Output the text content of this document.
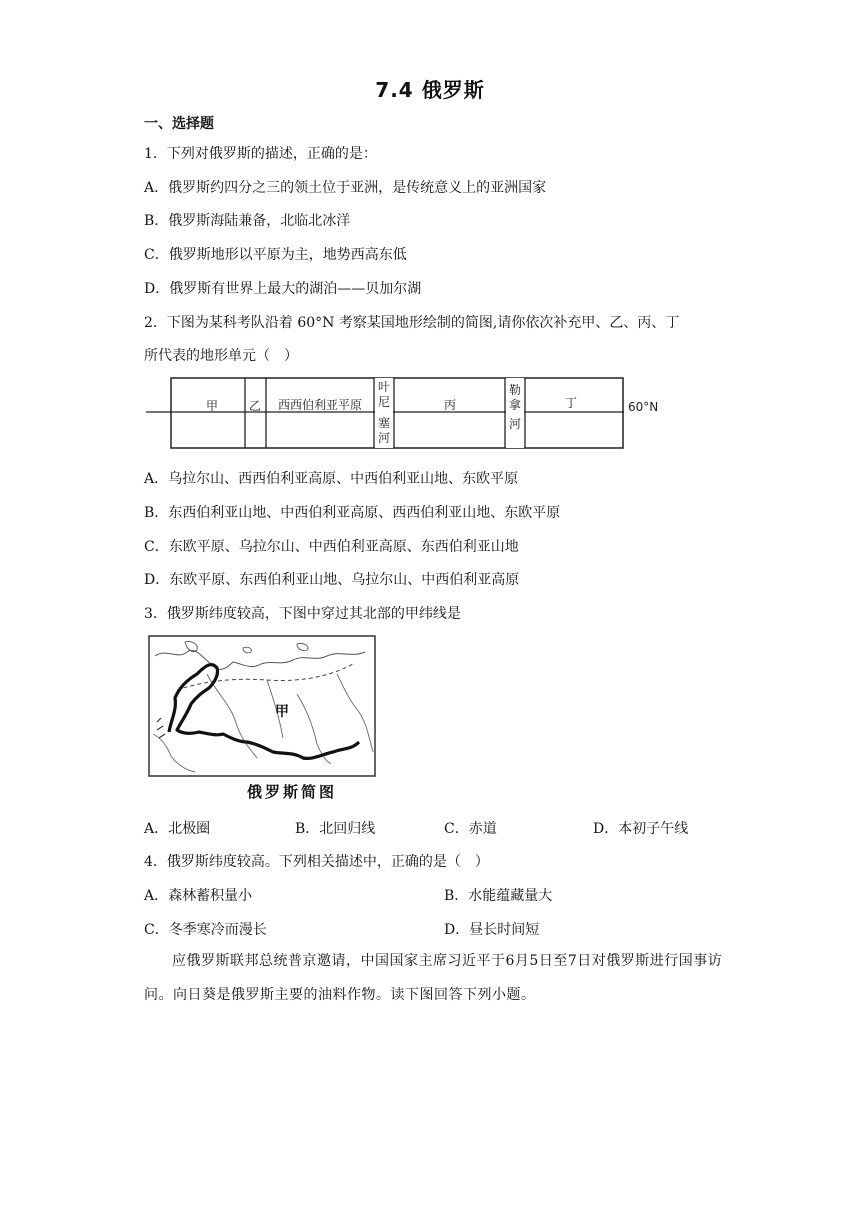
7.4 俄罗斯
一、选择题
1．下列对俄罗斯的描述，正确的是：
A．俄罗斯约四分之三的领土位于亚洲，是传统意义上的亚洲国家
B．俄罗斯海陆兼备，北临北冰洋
C．俄罗斯地形以平原为主，地势西高东低
D．俄罗斯有世界上最大的湖泊——贝加尔湖
2．下图为某科考队沿着 60°N 考察某国地形绘制的简图,请你依次补充甲、乙、丙、丁
所代表的地形单元（　）
甲	乙 西西伯利亚平原
叶
尼
塞
河
丙
勒
拿
河
丁	60°N
A．乌拉尔山、西西伯利亚高原、中西伯利亚山地、东欧平原
B．东西伯利亚山地、中西伯利亚高原、西西伯利亚山地、东欧平原
C．东欧平原、乌拉尔山、中西伯利亚高原、东西伯利亚山地
D．东欧平原、东西伯利亚山地、乌拉尔山、中西伯利亚高原
3．俄罗斯纬度较高，下图中穿过其北部的甲纬线是
甲
俄罗斯简图
A．北极圈	B．北回归线	C．赤道	D．本初子午线
4．俄罗斯纬度较高。下列相关描述中，正确的是（　）
A．森林蓄积量小	B．水能蕴藏量大
C．冬季寒冷而漫长	D．昼长时间短
应俄罗斯联邦总统普京邀请，中国国家主席习近平于6月5日至7日对俄罗斯进行国事访问。向日葵是俄罗斯主要的油料作物。读下图回答下列小题。
